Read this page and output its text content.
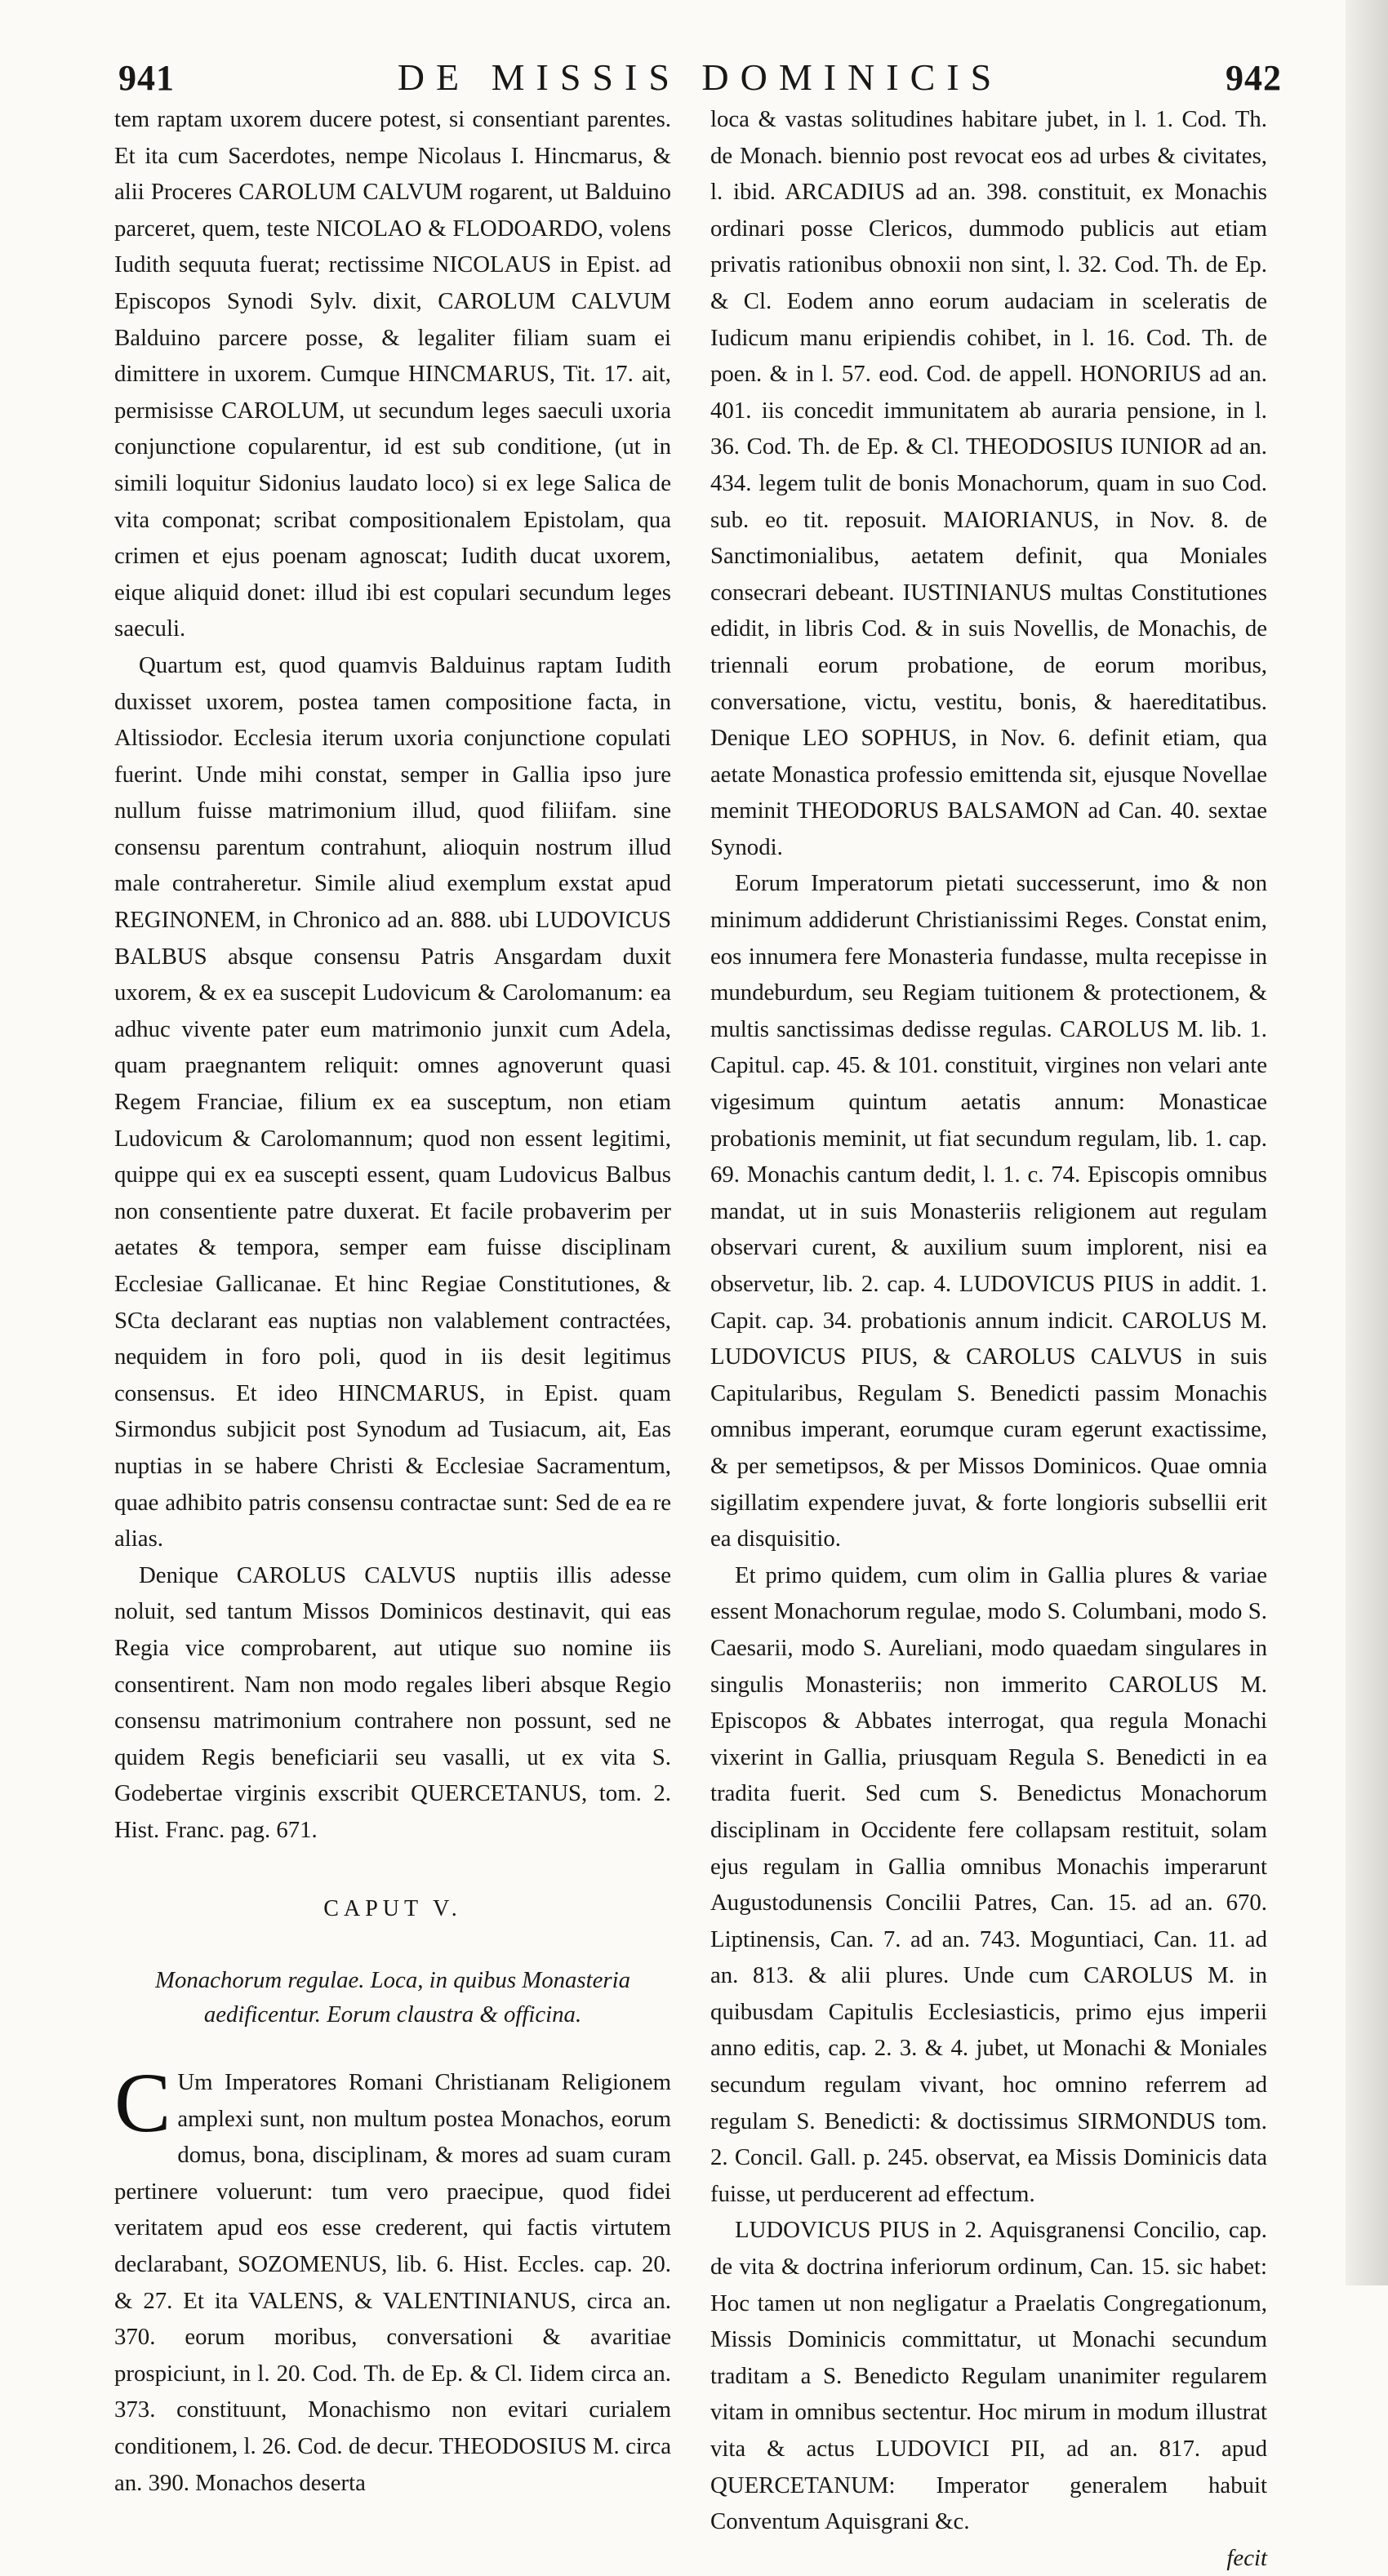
941	DE MISSIS DOMINICIS	942

tem raptam uxorem ducere potest, si consentiant parentes. Et ita cum Sacerdotes, nempe Nicolaus I. Hincmarus, & alii Proceres CAROLUM CALVUM rogarent, ut Balduino parceret, quem, teste NICOLAO & FLODOARDO, volens Iudith sequuta fuerat; rectissime NICOLAUS in Epist. ad Episcopos Synodi Sylv. dixit, CAROLUM CALVUM Balduino parcere posse, & legaliter filiam suam ei dimittere in uxorem. Cumque HINCMARUS, Tit. 17. ait, permisisse CAROLUM, ut secundum leges saeculi uxoria conjunctione copularentur, id est sub conditione, (ut in simili loquitur Sidonius laudato loco) si ex lege Salica de vita componat; scribat compositionalem Epistolam, qua crimen et ejus poenam agnoscat; Iudith ducat uxorem, eique aliquid donet: illud ibi est copulari secundum leges saeculi.

Quartum est, quod quamvis Balduinus raptam Iudith duxisset uxorem, postea tamen compositione facta, in Altissiodor. Ecclesia iterum uxoria conjunctione copulati fuerint. Unde mihi constat, semper in Gallia ipso jure nullum fuisse matrimonium illud, quod filiifam. sine consensu parentum contrahunt, alioquin nostrum illud male contraheretur. Simile aliud exemplum exstat apud REGINONEM, in Chronico ad an. 888. ubi LUDOVICUS BALBUS absque consensu Patris Ansgardam duxit uxorem, & ex ea suscepit Ludovicum & Carolomanum: ea adhuc vivente pater eum matrimonio junxit cum Adela, quam praegnantem reliquit: omnes agnoverunt quasi Regem Franciae, filium ex ea susceptum, non etiam Ludovicum & Carolomannum; quod non essent legitimi, quippe qui ex ea suscepti essent, quam Ludovicus Balbus non consentiente patre duxerat. Et facile probaverim per aetates & tempora, semper eam fuisse disciplinam Ecclesiae Gallicanae. Et hinc Regiae Constitutiones, & SCta declarant eas nuptias non valablement contractées, nequidem in foro poli, quod in iis desit legitimus consensus. Et ideo HINCMARUS, in Epist. quam Sirmondus subjicit post Synodum ad Tusiacum, ait, Eas nuptias in se habere Christi & Ecclesiae Sacramentum, quae adhibito patris consensu contractae sunt: Sed de ea re alias.

Denique CAROLUS CALVUS nuptiis illis adesse noluit, sed tantum Missos Dominicos destinavit, qui eas Regia vice comprobarent, aut utique suo nomine iis consentirent. Nam non modo regales liberi absque Regio consensu matrimonium contrahere non possunt, sed ne quidem Regis beneficiarii seu vasalli, ut ex vita S. Godebertae virginis exscribit QUERCETANUS, tom. 2. Hist. Franc. pag. 671.

CAPUT V.
Monachorum regulae. Loca, in quibus Monasteria aedificentur. Eorum claustra & officina.

C Um Imperatores Romani Christianam Religionem amplexi sunt, non multum postea Monachos, eorum domus, bona, disciplinam, & mores ad suam curam pertinere voluerunt: tum vero praecipue, quod fidei veritatem apud eos esse crederent, qui factis virtutem declarabant, SOZOMENUS, lib. 6. Hist. Eccles. cap. 20. & 27. Et ita VALENS, & VALENTINIANUS, circa an. 370. eorum moribus, conversationi & avaritiae prospiciunt, in l. 20. Cod. Th. de Ep. & Cl. Iidem circa an. 373. constituunt, Monachismo non evitari curialem conditionem, l. 26. Cod. de decur. THEODOSIUS M. circa an. 390. Monachos deserta

loca & vastas solitudines habitare jubet, in l. 1. Cod. Th. de Monach. biennio post revocat eos ad urbes & civitates, l. ibid. ARCADIUS ad an. 398. constituit, ex Monachis ordinari posse Clericos, dummodo publicis aut etiam privatis rationibus obnoxii non sint, l. 32. Cod. Th. de Ep. & Cl. Eodem anno eorum audaciam in sceleratis de Iudicum manu eripiendis cohibet, in l. 16. Cod. Th. de poen. & in l. 57. eod. Cod. de appell. HONORIUS ad an. 401. iis concedit immunitatem ab auraria pensione, in l. 36. Cod. Th. de Ep. & Cl. THEODOSIUS IUNIOR ad an. 434. legem tulit de bonis Monachorum, quam in suo Cod. sub. eo tit. reposuit. MAIORIANUS, in Nov. 8. de Sanctimonialibus, aetatem definit, qua Moniales consecrari debeant. IUSTINIANUS multas Constitutiones edidit, in libris Cod. & in suis Novellis, de Monachis, de triennali eorum probatione, de eorum moribus, conversatione, victu, vestitu, bonis, & haereditatibus. Denique LEO SOPHUS, in Nov. 6. definit etiam, qua aetate Monastica professio emittenda sit, ejusque Novellae meminit THEODORUS BALSAMON ad Can. 40. sextae Synodi.

Eorum Imperatorum pietati successerunt, imo & non minimum addiderunt Christianissimi Reges. Constat enim, eos innumera fere Monasteria fundasse, multa recepisse in mundeburdum, seu Regiam tuitionem & protectionem, & multis sanctissimas dedisse regulas. CAROLUS M. lib. 1. Capitul. cap. 45. & 101. constituit, virgines non velari ante vigesimum quintum aetatis annum: Monasticae probationis meminit, ut fiat secundum regulam, lib. 1. cap. 69. Monachis cantum dedit, l. 1. c. 74. Episcopis omnibus mandat, ut in suis Monasteriis religionem aut regulam observari curent, & auxilium suum implorent, nisi ea observetur, lib. 2. cap. 4. LUDOVICUS PIUS in addit. 1. Capit. cap. 34. probationis annum indicit. CAROLUS M. LUDOVICUS PIUS, & CAROLUS CALVUS in suis Capitularibus, Regulam S. Benedicti passim Monachis omnibus imperant, eorumque curam egerunt exactissime, & per semetipsos, & per Missos Dominicos. Quae omnia sigillatim expendere juvat, & forte longioris subsellii erit ea disquisitio.

Et primo quidem, cum olim in Gallia plures & variae essent Monachorum regulae, modo S. Columbani, modo S. Caesarii, modo S. Aureliani, modo quaedam singulares in singulis Monasteriis; non immerito CAROLUS M. Episcopos & Abbates interrogat, qua regula Monachi vixerint in Gallia, priusquam Regula S. Benedicti in ea tradita fuerit. Sed cum S. Benedictus Monachorum disciplinam in Occidente fere collapsam restituit, solam ejus regulam in Gallia omnibus Monachis imperarunt Augustodunensis Concilii Patres, Can. 15. ad an. 670. Liptinensis, Can. 7. ad an. 743. Moguntiaci, Can. 11. ad an. 813. & alii plures. Unde cum CAROLUS M. in quibusdam Capitulis Ecclesiasticis, primo ejus imperii anno editis, cap. 2. 3. & 4. jubet, ut Monachi & Moniales secundum regulam vivant, hoc omnino referrem ad regulam S. Benedicti: & doctissimus SIRMONDUS tom. 2. Concil. Gall. p. 245. observat, ea Missis Dominicis data fuisse, ut perducerent ad effectum.

LUDOVICUS PIUS in 2. Aquisgranensi Concilio, cap. de vita & doctrina inferiorum ordinum, Can. 15. sic habet: Hoc tamen ut non negligatur a Praelatis Congregationum, Missis Dominicis committatur, ut Monachi secundum traditam a S. Benedicto Regulam unanimiter regularem vitam in omnibus sectentur. Hoc mirum in modum illustrat vita & actus LUDOVICI PII, ad an. 817. apud QUERCETANUM: Imperator generalem habuit Conventum Aquisgrani &c.

fecit
